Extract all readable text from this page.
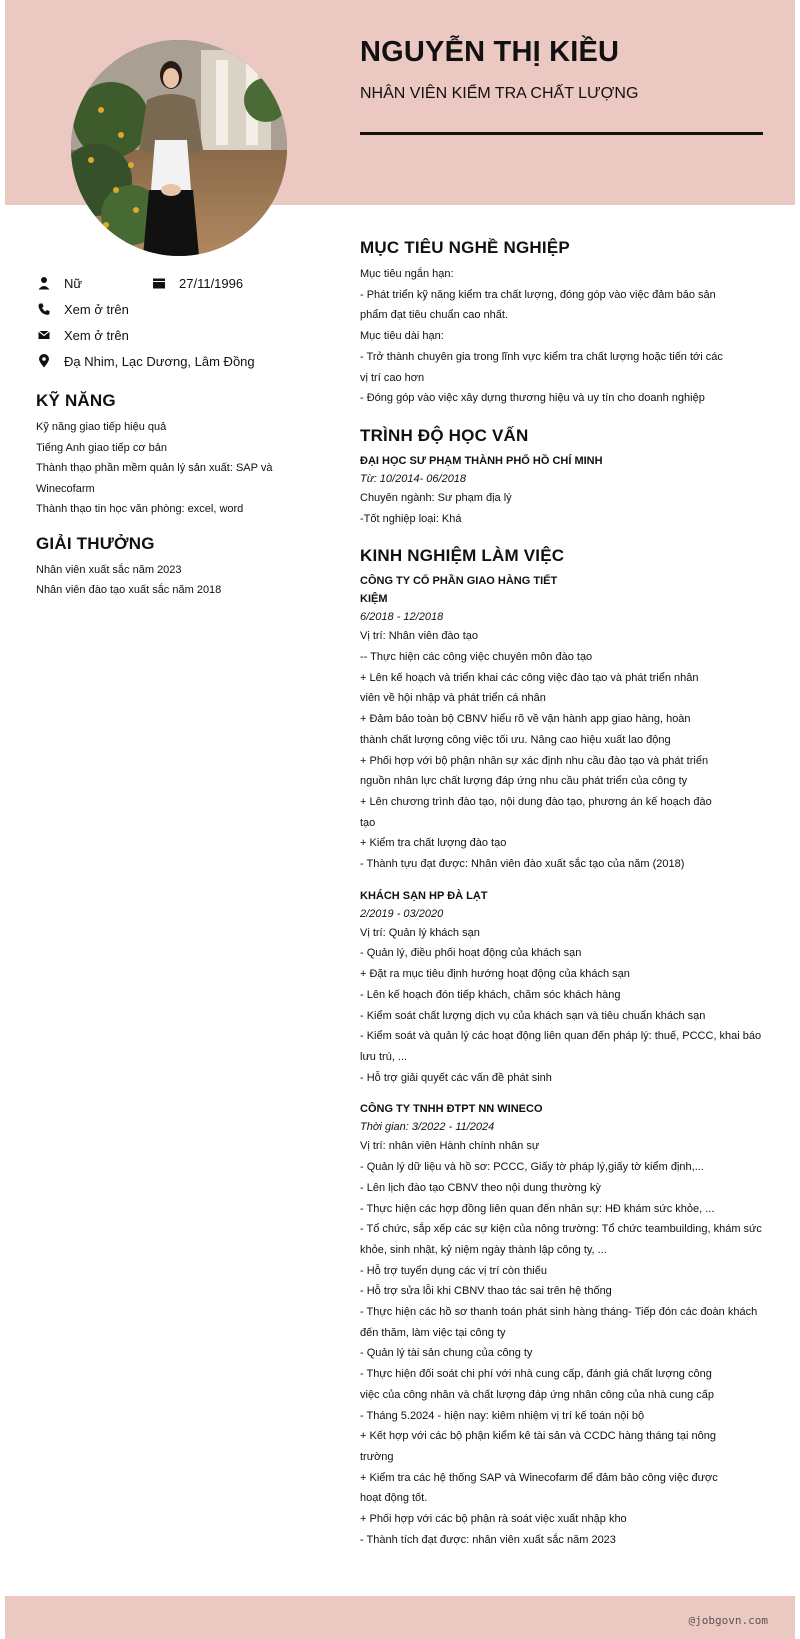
NGUYỄN THỊ KIỀU

NHÂN VIÊN KIỂM TRA CHẤT LƯỢNG

Nữ	27/11/1996
Xem ở trên
Xem ở trên
Đạ Nhim, Lạc Dương, Lâm Đồng
KỸ NĂNG
Kỹ năng giao tiếp hiệu quả
Tiếng Anh giao tiếp cơ bản
Thành thạo phần mềm quản lý sản xuất: SAP và
Winecofarm
Thành thạo tin học văn phòng: excel, word
GIẢI THƯỞNG
Nhân viên xuất sắc năm 2023
Nhân viên đào tạo xuất sắc năm 2018
MỤC TIÊU NGHỀ NGHIỆP

Mục tiêu ngắn hạn:

- Phát triển kỹ năng kiểm tra chất lượng, đóng góp vào việc đảm bảo sản

phẩm đạt tiêu chuẩn cao nhất.

Mục tiêu dài hạn:

- Trở thành chuyên gia trong lĩnh vực kiểm tra chất lượng hoặc tiến tới các

vị trí cao hơn

- Đóng góp vào việc xây dựng thương hiệu và uy tín cho doanh nghiệp

TRÌNH ĐỘ HỌC VẤN

ĐẠI HỌC SƯ PHẠM THÀNH PHỐ HỒ CHÍ MINH

Từ: 10/2014- 06/2018

Chuyên ngành: Sư phạm địa lý

-Tốt nghiệp loại: Khá

KINH NGHIỆM LÀM VIỆC

CÔNG TY CỔ PHẦN GIAO HÀNG TIẾT

KIỆM

6/2018 - 12/2018

Vị trí: Nhân viên đào tạo

-- Thực hiện các công việc chuyên môn đào tạo

+ Lên kế hoạch và triển khai các công việc đào tạo và phát triển nhân

viên về hội nhập và phát triển cá nhân

+ Đảm bảo toàn bộ CBNV hiểu rõ về vận hành app giao hàng, hoàn

thành chất lượng công việc tối ưu. Nâng cao hiệu xuất lao động

+ Phối hợp với bộ phận nhân sự xác định nhu cầu đào tạo và phát triển

nguồn nhân lực chất lượng đáp ứng nhu cầu phát triển của công ty

+ Lên chương trình đào tạo, nội dung đào tạo, phương án kế hoạch đào

tạo

+ Kiểm tra chất lượng đào tạo

- Thành tựu đạt được: Nhân viên đào xuất sắc tạo của năm (2018)

KHÁCH SẠN HP ĐÀ LẠT

2/2019 - 03/2020

Vị trí: Quản lý khách sạn

- Quản lý, điều phối hoạt động của khách sạn

+ Đặt ra mục tiêu định hướng hoạt động của khách sạn

- Lên kế hoạch đón tiếp khách, chăm sóc khách hàng

- Kiểm soát chất lượng dịch vụ của khách sạn và tiêu chuẩn khách sạn

- Kiểm soát và quản lý các hoạt động liên quan đến pháp lý: thuế, PCCC, khai báo

lưu trú, ...

- Hỗ trợ giải quyết các vấn đề phát sinh

CÔNG TY TNHH ĐTPT NN WINECO

Thời gian: 3/2022 - 11/2024

Vị trí: nhân viên Hành chính nhân sự

- Quản lý dữ liệu và hồ sơ: PCCC, Giấy tờ pháp lý,giấy tờ kiểm định,...

- Lên lịch đào tạo CBNV theo nội dung thường kỳ

- Thực hiện các hợp đồng liên quan đến nhân sự: HĐ khám sức khỏe, ...

- Tổ chức, sắp xếp các sự kiện của nông trường: Tổ chức teambuilding, khám sức

khỏe, sinh nhật, kỷ niệm ngày thành lập công ty, ...

- Hỗ trợ tuyển dụng các vị trí còn thiếu

- Hỗ trợ sửa lỗi khi CBNV thao tác sai trên hệ thống

- Thực hiện các hồ sơ thanh toán phát sinh hàng tháng- Tiếp đón các đoàn khách

đến thăm, làm việc tại công ty

- Quản lý tài sản chung của công ty

- Thực hiện đối soát chi phí với nhà cung cấp, đánh giá chất lượng công

việc của công nhân và chất lượng đáp ứng nhân công của nhà cung cấp

- Tháng 5.2024 - hiện nay: kiêm nhiệm vị trí kế toán nội bộ

+ Kết hợp với các bộ phận kiểm kê tài sản và CCDC hàng tháng tại nông

trường

+ Kiểm tra các hệ thống SAP và Winecofarm để đảm bảo công việc được

hoạt động tốt.

+ Phối hợp với các bộ phận rà soát việc xuất nhập kho

- Thành tích đạt được: nhân viên xuất sắc năm 2023

@jobgovn.com
